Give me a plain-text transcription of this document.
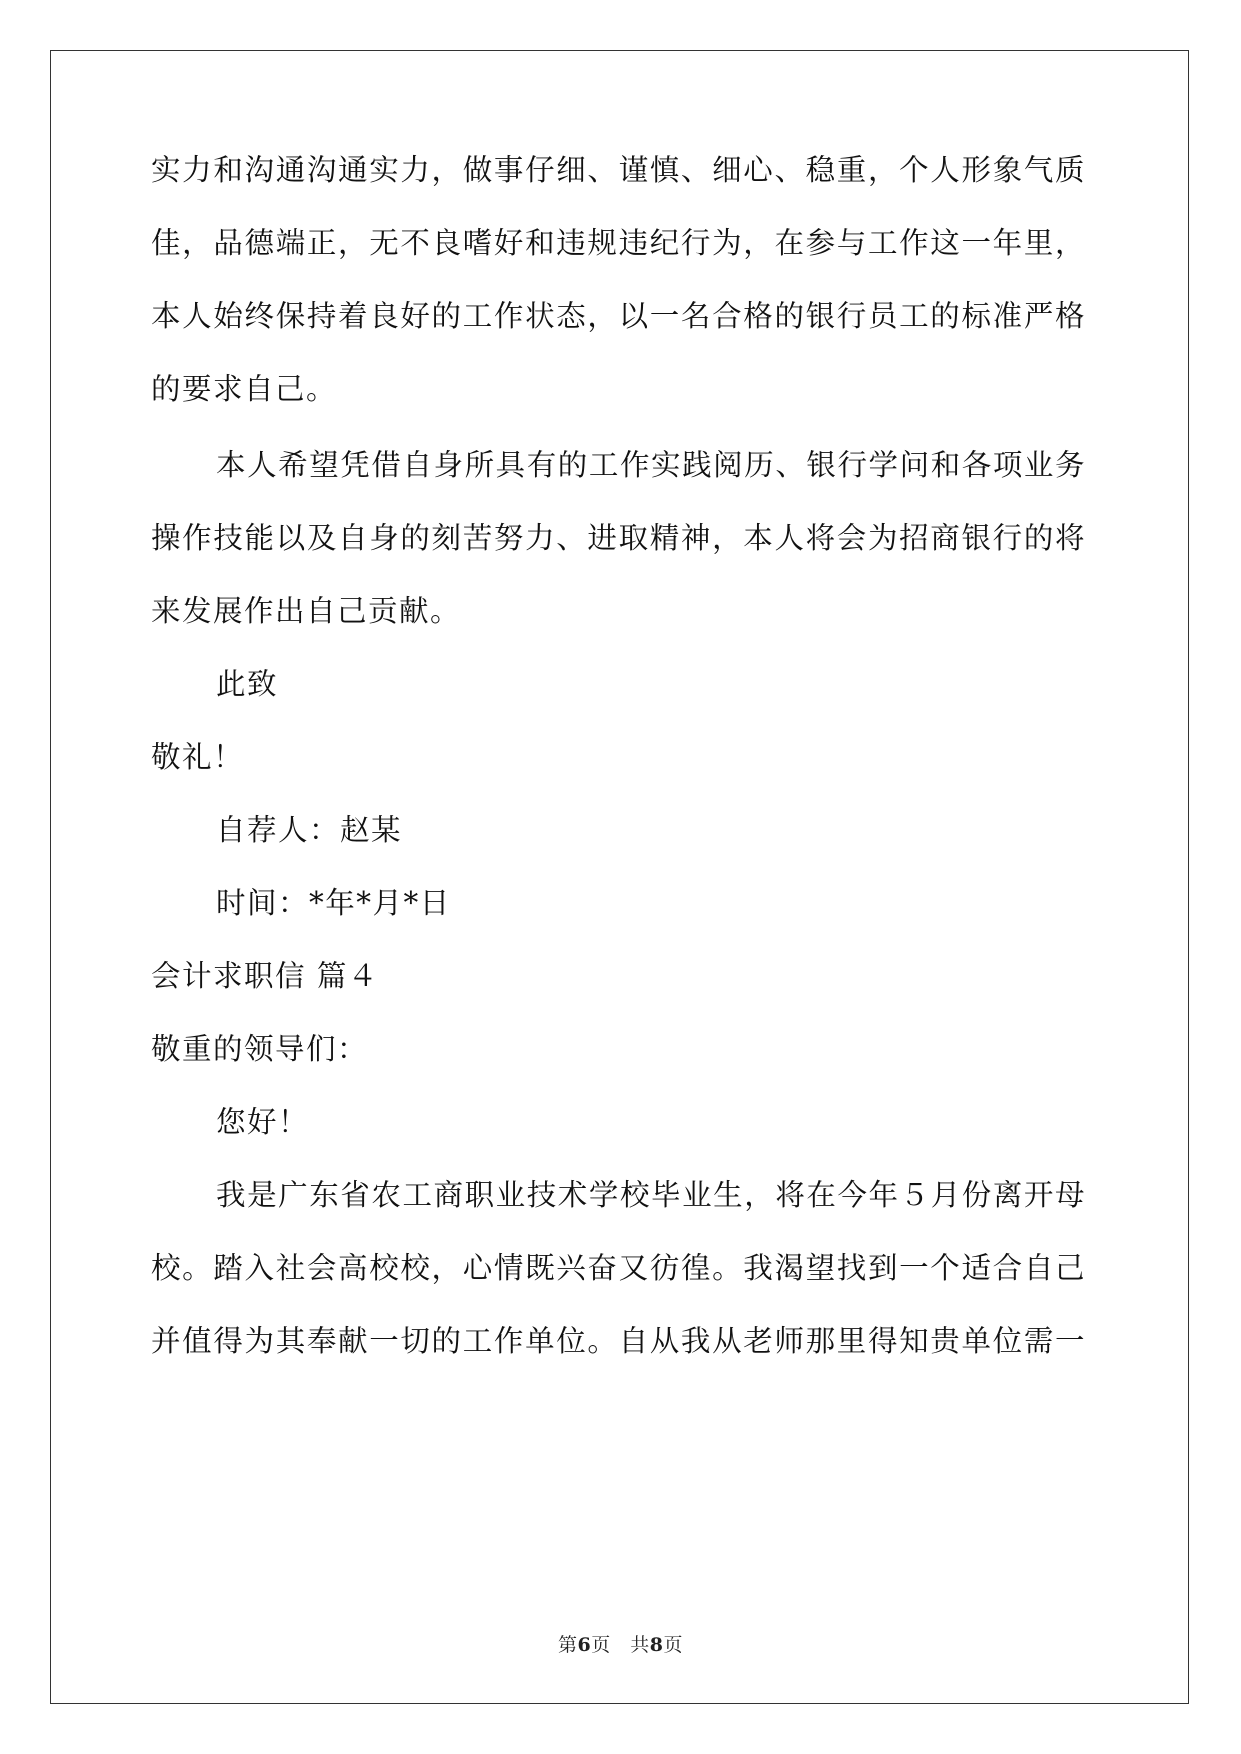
实力和沟通沟通实力，做事仔细、谨慎、细心、稳重，个人形象气质
佳，品德端正，无不良嗜好和违规违纪行为，在参与工作这一年里，
本人始终保持着良好的工作状态，以一名合格的银行员工的标准严格
的要求自己。
本人希望凭借自身所具有的工作实践阅历、银行学问和各项业务
操作技能以及自身的刻苦努力、进取精神，本人将会为招商银行的将
来发展作出自己贡献。
此致
敬礼！
自荐人：赵某
时间：*年*月*日
会计求职信 篇４
敬重的领导们：
您好！
我是广东省农工商职业技术学校毕业生，将在今年５月份离开母
校。踏入社会高校校，心情既兴奋又彷徨。我渴望找到一个适合自己
并值得为其奉献一切的工作单位。自从我从老师那里得知贵单位需一
第6页　共8页
